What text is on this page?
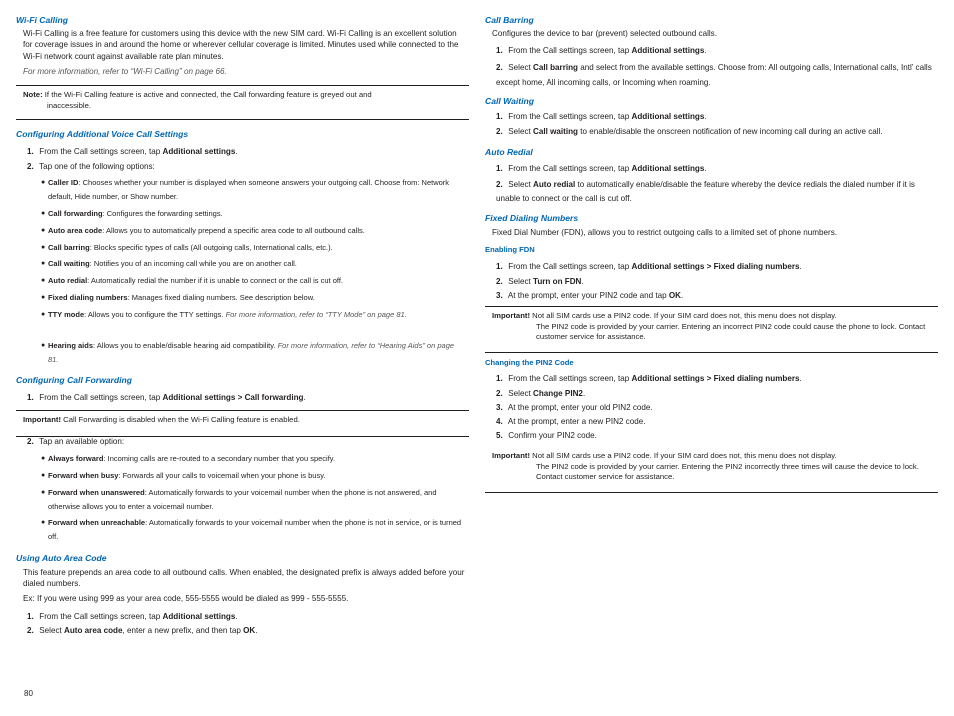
Wi-Fi Calling
Wi-Fi Calling is a free feature for customers using this device with the new SIM card. Wi-Fi Calling is an excellent solution for coverage issues in and around the home or wherever cellular coverage is limited. Minutes used while connected to the Wi-Fi network count against available rate plan minutes.
For more information, refer to “Wi-Fi Calling” on page 66.
Note: If the Wi-Fi Calling feature is active and connected, the Call forwarding feature is greyed out and
inaccessible.
Configuring Additional Voice Call Settings
1. From the Call settings screen, tap Additional settings.
2. Tap one of the following options:
● Caller ID: Chooses whether your number is displayed when someone answers your outgoing call. Choose from: Network default, Hide number, or Show number.
● Call forwarding: Configures the forwarding settings.
● Auto area code: Allows you to automatically prepend a specific area code to all outbound calls.
● Call barring: Blocks specific types of calls (All outgoing calls, International calls, etc.).
● Call waiting: Notifies you of an incoming call while you are on another call.
● Auto redial: Automatically redial the number if it is unable to connect or the call is cut off.
● Fixed dialing numbers: Manages fixed dialing numbers. See description below.
● TTY mode: Allows you to configure the TTY settings. For more information, refer to “TTY Mode” on page 81.
● Hearing aids: Allows you to enable/disable hearing aid compatibility. For more information, refer to “Hearing Aids” on page 81.
Configuring Call Forwarding
1. From the Call settings screen, tap Additional settings > Call forwarding.
Important! Call Forwarding is disabled when the Wi-Fi Calling feature is enabled.
2. Tap an available option:
● Always forward: Incoming calls are re-routed to a secondary number that you specify.
● Forward when busy: Forwards all your calls to voicemail when your phone is busy.
● Forward when unanswered: Automatically forwards to your voicemail number when the phone is not answered, and otherwise allows you to enter a voicemail number.
● Forward when unreachable: Automatically forwards to your voicemail number when the phone is not in service, or is turned off.
Using Auto Area Code
This feature prepends an area code to all outbound calls. When enabled, the designated prefix is always added before your dialed numbers.
Ex: If you were using 999 as your area code, 555-5555 would be dialed as 999 - 555-5555.
1. From the Call settings screen, tap Additional settings.
2. Select Auto area code, enter a new prefix, and then tap OK.
Call Barring
Configures the device to bar (prevent) selected outbound calls.
1. From the Call settings screen, tap Additional settings.
2. Select Call barring and select from the available settings. Choose from: All outgoing calls, International calls, Intl’ calls except home, All incoming calls, or Incoming when roaming.
Call Waiting
1. From the Call settings screen, tap Additional settings.
2. Select Call waiting to enable/disable the onscreen notification of new incoming call during an active call.
Auto Redial
1. From the Call settings screen, tap Additional settings.
2. Select Auto redial to automatically enable/disable the feature whereby the device redials the dialed number if it is unable to connect or the call is cut off.
Fixed Dialing Numbers
Fixed Dial Number (FDN), allows you to restrict outgoing calls to a limited set of phone numbers.
Enabling FDN
1. From the Call settings screen, tap Additional settings > Fixed dialing numbers.
2. Select Turn on FDN.
3. At the prompt, enter your PIN2 code and tap OK.
Important! Not all SIM cards use a PIN2 code. If your SIM card does not, this menu does not display.
The PIN2 code is provided by your carrier. Entering an incorrect PIN2 code could cause the phone to lock. Contact customer service for assistance.
Changing the PIN2 Code
1. From the Call settings screen, tap Additional settings > Fixed dialing numbers.
2. Select Change PIN2.
3. At the prompt, enter your old PIN2 code.
4. At the prompt, enter a new PIN2 code.
5. Confirm your PIN2 code.
Important! Not all SIM cards use a PIN2 code. If your SIM card does not, this menu does not display.
The PIN2 code is provided by your carrier. Entering the PIN2 incorrectly three times will cause the device to lock. Contact customer service for assistance.
80
